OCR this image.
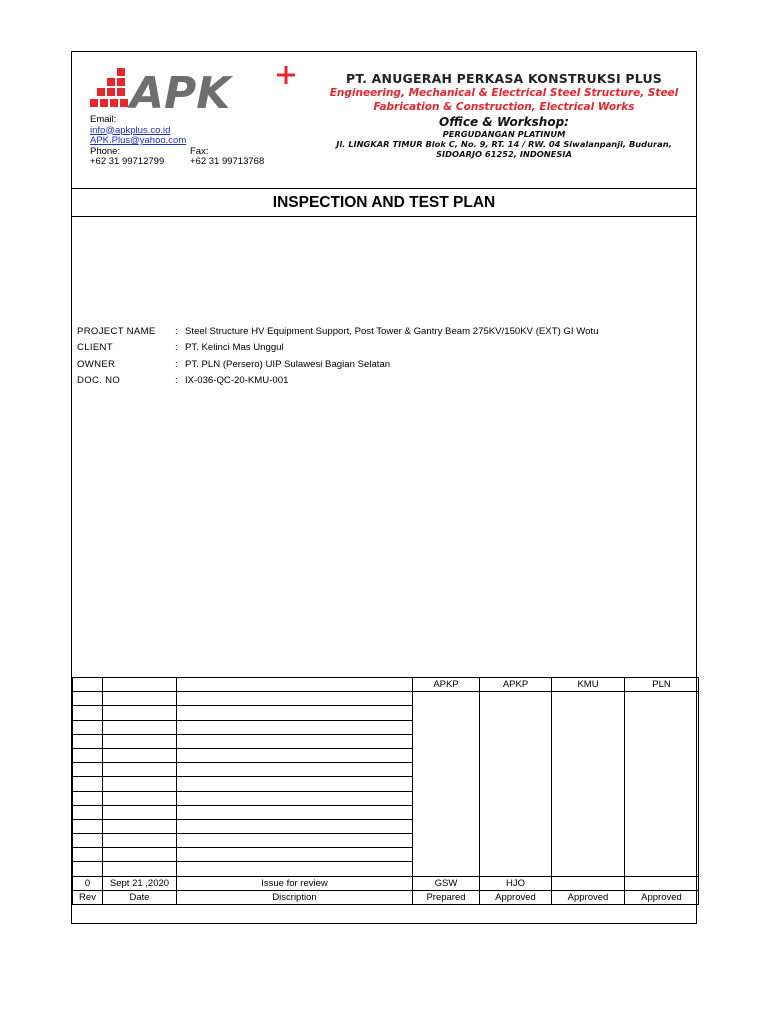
APK
Email:
info@apkplus.co.id
APK.Plus@yahoo.com
Phone:	Fax:
+62 31 99712799	+62 31 99713768
PT. ANUGERAH PERKASA KONSTRUKSI PLUS
Engineering, Mechanical & Electrical Steel Structure, Steel
Fabrication & Construction, Electrical Works
Office & Workshop:
PERGUDANGAN PLATINUM
Jl. LINGKAR TIMUR Blok C, No. 9, RT. 14 / RW. 04 Siwalanpanji, Buduran,
SIDOARJO 61252, INDONESIA
INSPECTION AND TEST PLAN
PROJECT NAME	: Steel Structure HV Equipment Support, Post Tower & Gantry Beam 275KV/150KV (EXT) GI Wotu
CLIENT	: PT. Kelinci Mas Unggul
OWNER	: PT. PLN (Persero) UIP Sulawesi Bagian Selatan
DOC. NO	: IX-036-QC-20-KMU-001
			APKP	APKP	KMU	PLN

0	Sept 21 ,2020	Issue for review	GSW	HJO		
Rev	Date	Discription	Prepared	Approved	Approved	Approved
